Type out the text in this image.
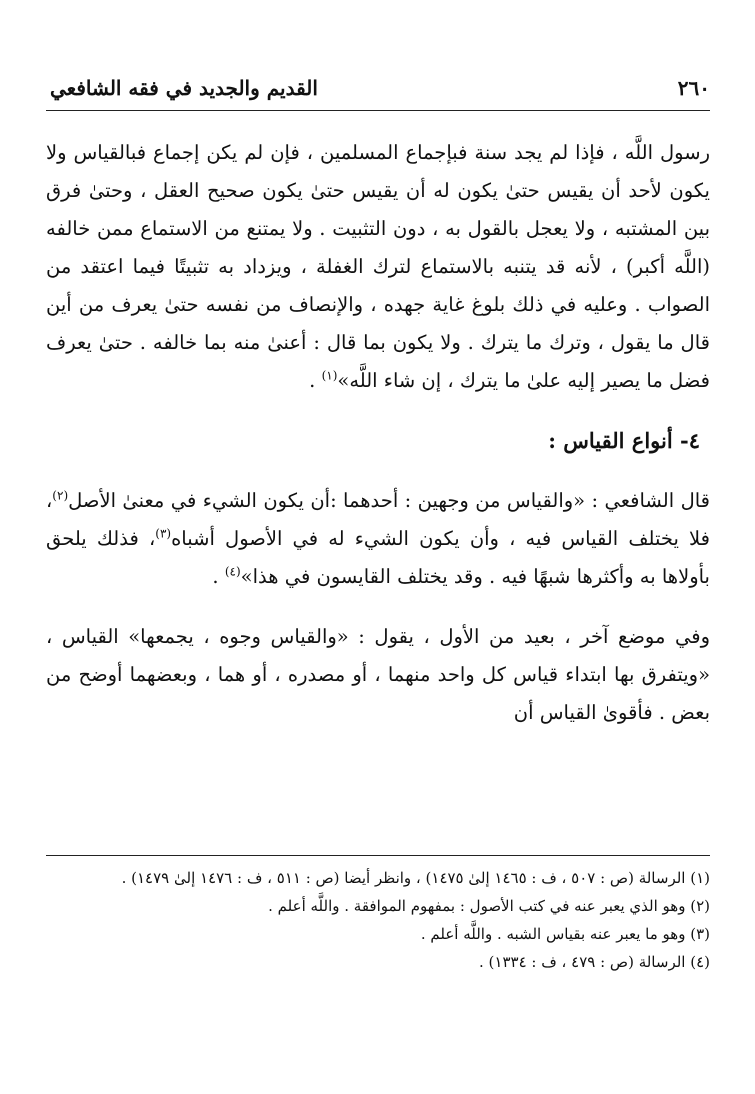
٢٦٠
القديم والجديد في فقه الشافعي

رسول اللَّه ، فإذا لم يجد سنة فبإجماع المسلمين ، فإن لم يكن إجماع فبالقياس ولا يكون لأحد أن يقيس حتىٰ يكون له أن يقيس حتىٰ يكون صحيح العقل ، وحتىٰ فرق بين المشتبه ، ولا يعجل بالقول به ، دون التثبيت . ولا يمتنع من الاستماع ممن خالفه (اللَّه أكبر) ، لأنه قد يتنبه بالاستماع لترك الغفلة ، ويزداد به تثبيتًا فيما اعتقد من الصواب . وعليه في ذلك بلوغ غاية جهده ، والإنصاف من نفسه حتىٰ يعرف من أين قال ما يقول ، وترك ما يترك . ولا يكون بما قال : أعنىٰ منه بما خالفه . حتىٰ يعرف فضل ما يصير إليه علىٰ ما يترك ، إن شاء اللَّه»$^{(١)}$ .

٤- أنواع القياس :

قال الشافعي : «والقياس من وجهين : أحدهما :أن يكون الشيء في معنىٰ الأصل$^{(٢)}$، فلا يختلف القياس فيه ، وأن يكون الشيء له في الأصول أشباه$^{(٣)}$، فذلك يلحق بأولاها به وأكثرها شبهًا فيه . وقد يختلف القايسون في هذا»$^{(٤)}$ .

وفي موضع آخر ، بعيد من الأول ، يقول : «والقياس وجوه ، يجمعها» القياس ، «ويتفرق بها ابتداء قياس كل واحد منهما ، أو مصدره ، أو هما ، وبعضهما أوضح من بعض . فأقوىٰ القياس أن

(١) الرسالة (ص : ٥٠٧ ، ف : ١٤٦٥ إلىٰ ١٤٧٥) ، وانظر أيضا (ص : ٥١١ ، ف : ١٤٧٦ إلىٰ ١٤٧٩) .

(٢) وهو الذي يعبر عنه في كتب الأصول : بمفهوم الموافقة . واللَّه أعلم .

(٣) وهو ما يعبر عنه بقياس الشبه . واللَّه أعلم .

(٤) الرسالة (ص : ٤٧٩ ، ف : ١٣٣٤) .
